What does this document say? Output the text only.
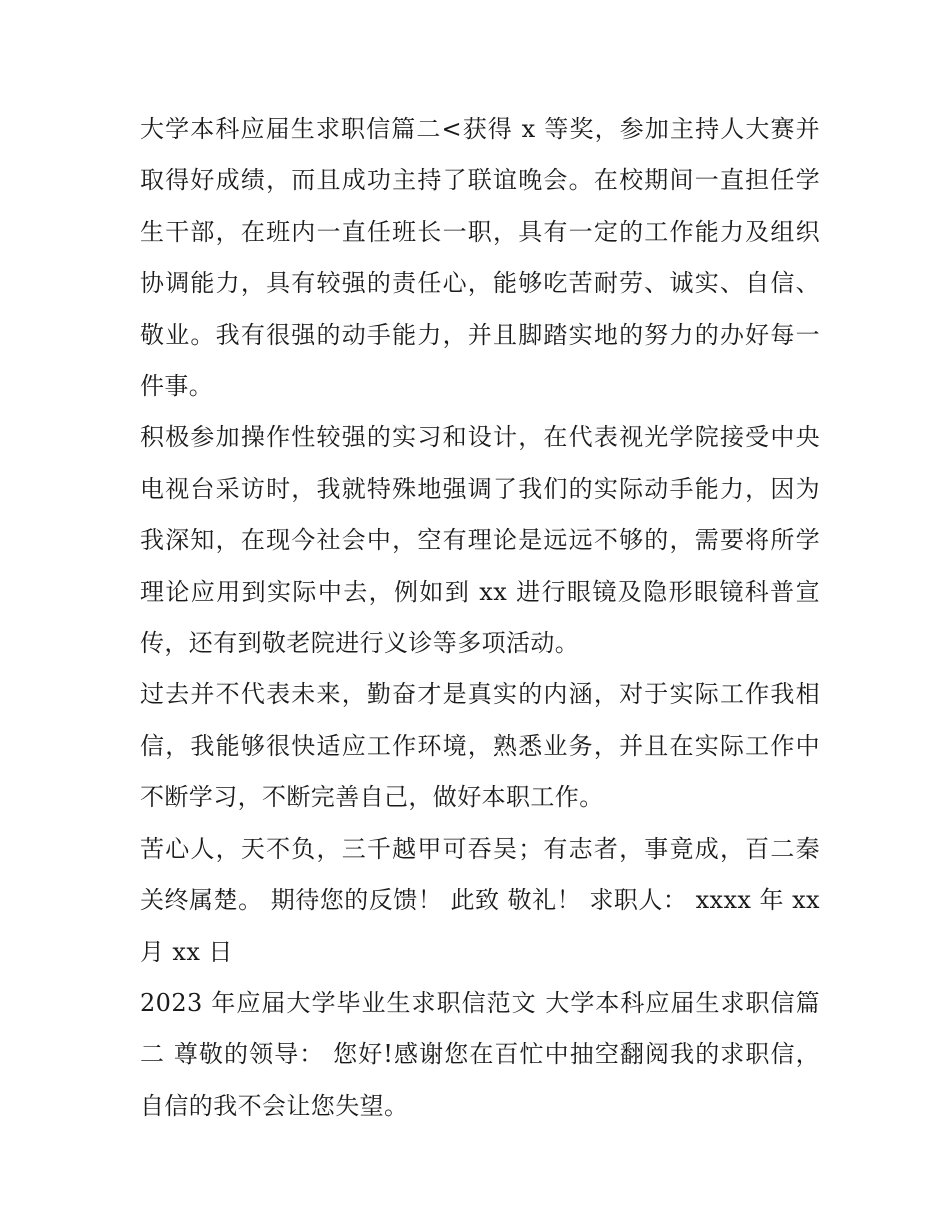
大学本科应届生求职信篇二<获得 x 等奖，参加主持人大赛并取得好成绩，而且成功主持了联谊晚会。在校期间一直担任学生干部，在班内一直任班长一职，具有一定的工作能力及组织协调能力，具有较强的责任心，能够吃苦耐劳、诚实、自信、敬业。我有很强的动手能力，并且脚踏实地的努力的办好每一件事。

积极参加操作性较强的实习和设计，在代表视光学院接受中央电视台采访时，我就特殊地强调了我们的实际动手能力，因为我深知，在现今社会中，空有理论是远远不够的，需要将所学理论应用到实际中去，例如到 xx 进行眼镜及隐形眼镜科普宣传，还有到敬老院进行义诊等多项活动。

过去并不代表未来，勤奋才是真实的内涵，对于实际工作我相信，我能够很快适应工作环境，熟悉业务，并且在实际工作中不断学习，不断完善自己，做好本职工作。

苦心人，天不负，三千越甲可吞吴；有志者，事竟成，百二秦关终属楚。 期待您的反馈！ 此致 敬礼！ 求职人： xxxx 年 xx 月 xx 日

2023 年应届大学毕业生求职信范文 大学本科应届生求职信篇二 尊敬的领导： 您好!感谢您在百忙中抽空翻阅我的求职信，自信的我不会让您失望。
